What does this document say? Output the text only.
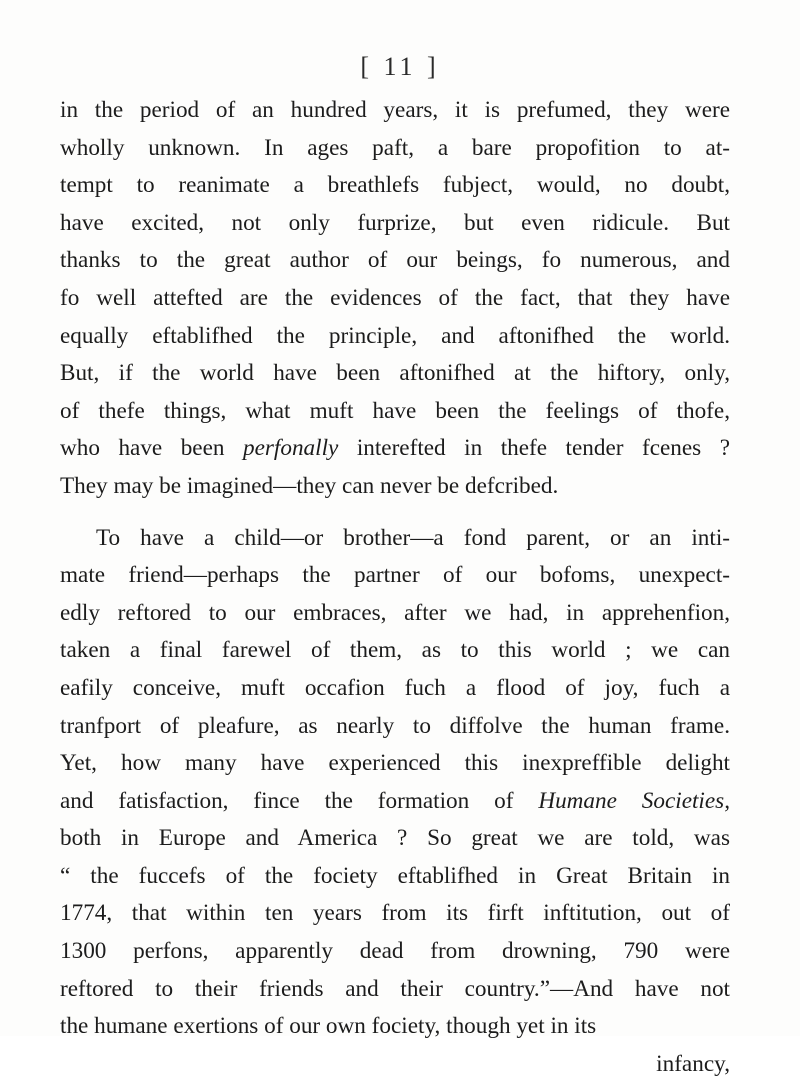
[ 11 ]
in the period of an hundred years, it is prefumed, they were
wholly unknown. In ages paft, a bare propofition to at-
tempt to reanimate a breathlefs fubject, would, no doubt,
have excited, not only furprize, but even ridicule. But
thanks to the great author of our beings, fo numerous, and
fo well attefted are the evidences of the fact, that they have
equally eftablifhed the principle, and aftonifhed the world.
But, if the world have been aftonifhed at the hiftory, only,
of thefe things, what muft have been the feelings of thofe,
who have been perfonally interefted in thefe tender fcenes ?
They may be imagined—they can never be defcribed.
To have a child—or brother—a fond parent, or an inti-
mate friend—perhaps the partner of our bofoms, unexpect-
edly reftored to our embraces, after we had, in apprehenfion,
taken a final farewel of them, as to this world ; we can
eafily conceive, muft occafion fuch a flood of joy, fuch a
tranfport of pleafure, as nearly to diffolve the human frame.
Yet, how many have experienced this inexpreffible delight
and fatisfaction, fince the formation of Humane Societies,
both in Europe and America ? So great we are told, was
“ the fuccefs of the fociety eftablifhed in Great Britain in
1774, that within ten years from its firft inftitution, out of
1300 perfons, apparently dead from drowning, 790 were
reftored to their friends and their country.”—And have not
the humane exertions of our own fociety, though yet in its
infancy,
